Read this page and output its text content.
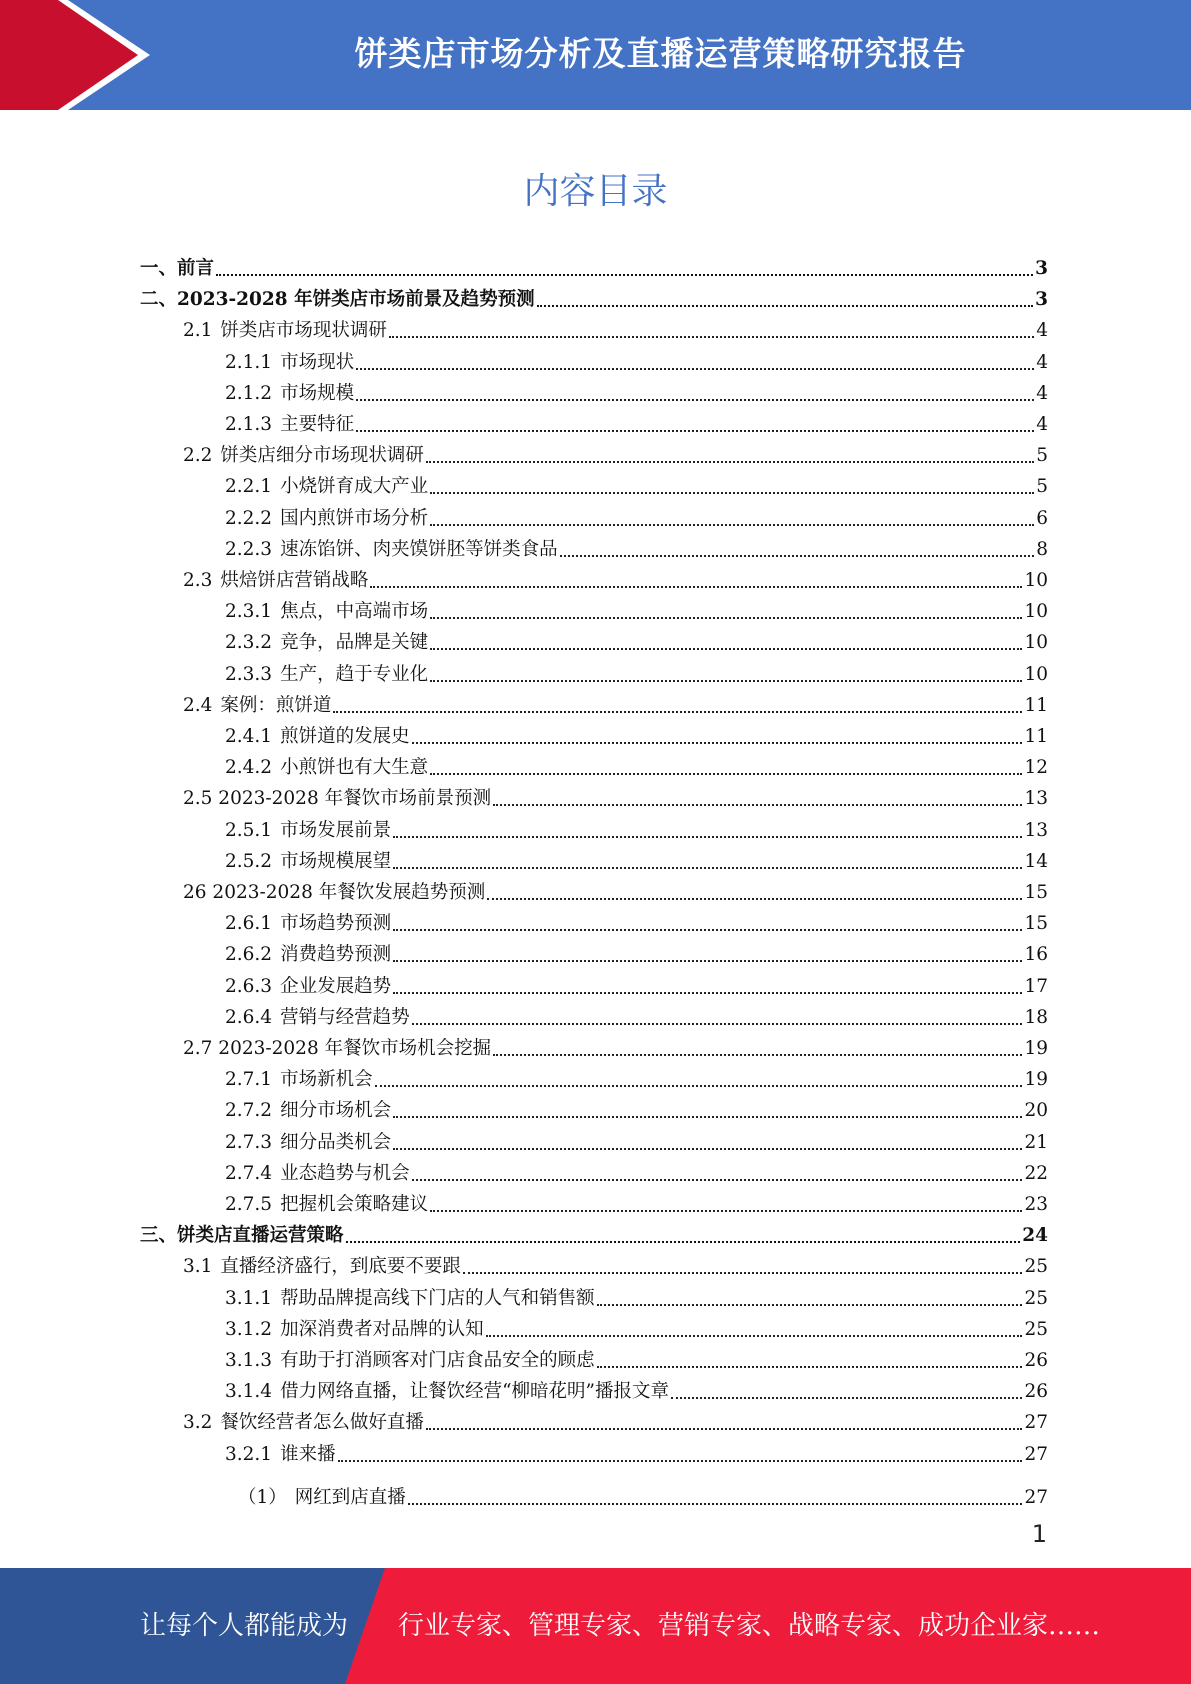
饼类店市场分析及直播运营策略研究报告
内容目录
一、 前言	3
二、 2023-2028 年饼类店市场前景及趋势预测	3
2.1 饼类店市场现状调研	4
2.1.1 市场现状	4
2.1.2 市场规模	4
2.1.3 主要特征	4
2.2 饼类店细分市场现状调研	5
2.2.1 小烧饼育成大产业	5
2.2.2 国内煎饼市场分析	6
2.2.3 速冻馅饼、肉夹馍饼胚等饼类食品	8
2.3 烘焙饼店营销战略	10
2.3.1 焦点，中高端市场	10
2.3.2 竞争，品牌是关键	10
2.3.3 生产，趋于专业化	10
2.4 案例：煎饼道	11
2.4.1 煎饼道的发展史	11
2.4.2 小煎饼也有大生意	12
2.5 2023-2028 年餐饮市场前景预测	13
2.5.1 市场发展前景	13
2.5.2 市场规模展望	14
26 2023-2028 年餐饮发展趋势预测	15
2.6.1 市场趋势预测	15
2.6.2 消费趋势预测	16
2.6.3 企业发展趋势	17
2.6.4 营销与经营趋势	18
2.7 2023-2028 年餐饮市场机会挖掘	19
2.7.1 市场新机会	19
2.7.2 细分市场机会	20
2.7.3 细分品类机会	21
2.7.4 业态趋势与机会	22
2.7.5 把握机会策略建议	23
三、 饼类店直播运营策略	24
3.1 直播经济盛行，到底要不要跟	25
3.1.1 帮助品牌提高线下门店的人气和销售额	25
3.1.2 加深消费者对品牌的认知	25
3.1.3 有助于打消顾客对门店食品安全的顾虑	26
3.1.4 借力网络直播，让餐饮经营“柳暗花明”播报文章	26
3.2 餐饮经营者怎么做好直播	27
3.2.1 谁来播	27
（1） 网红到店直播	27
1
让每个人都能成为 行业专家、管理专家、营销专家、战略专家、成功企业家……
